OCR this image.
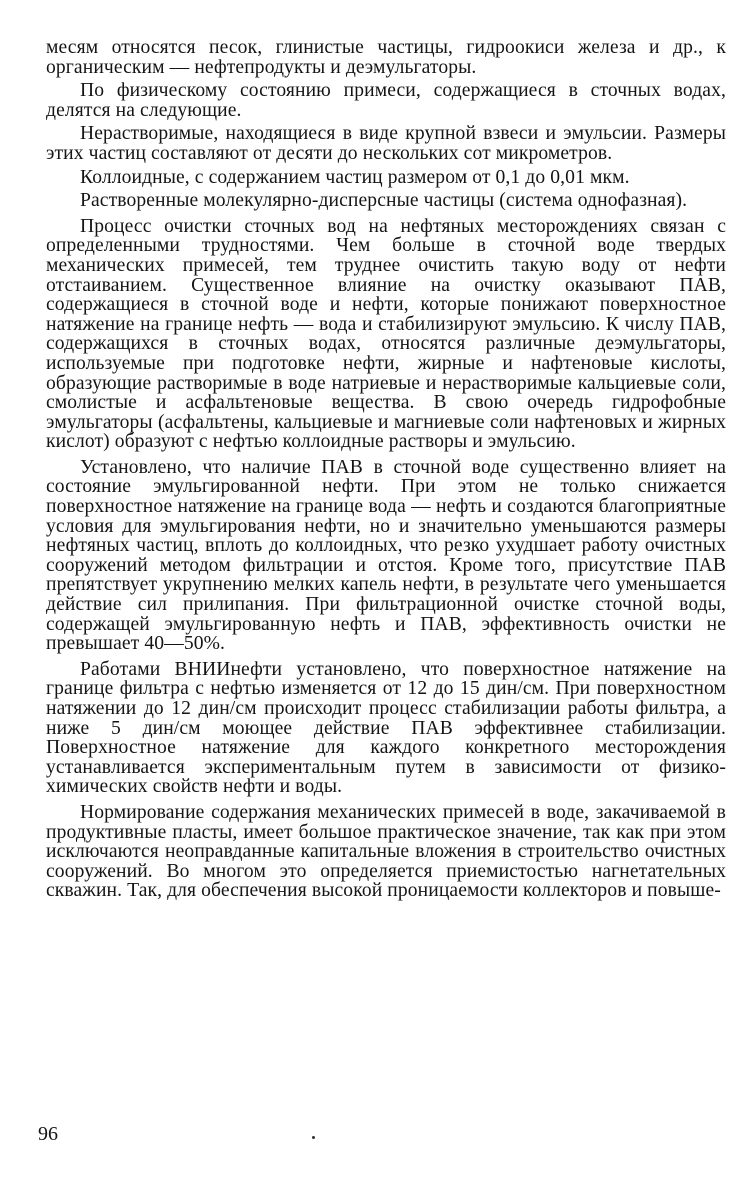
месям относятся песок, глинистые частицы, гидроокиси железа и др., к органическим — нефтепродукты и деэмульгаторы.

По физическому состоянию примеси, содержащиеся в сточных водах, делятся на следующие.

Нерастворимые, находящиеся в виде крупной взвеси и эмульсии. Размеры этих частиц составляют от десяти до нескольких сот микрометров.

Коллоидные, с содержанием частиц размером от 0,1 до 0,01 мкм.

Растворенные молекулярно-дисперсные частицы (система однофазная).

Процесс очистки сточных вод на нефтяных месторождениях связан с определенными трудностями. Чем больше в сточной воде твердых механических примесей, тем труднее очистить такую воду от нефти отстаиванием. Существенное влияние на очистку оказывают ПАВ, содержащиеся в сточной воде и нефти, которые понижают поверхностное натяжение на границе нефть — вода и стабилизируют эмульсию. К числу ПАВ, содержащихся в сточных водах, относятся различные деэмульгаторы, используемые при подготовке нефти, жирные и нафтеновые кислоты, образующие растворимые в воде натриевые и нерастворимые кальциевые соли, смолистые и асфальтеновые вещества. В свою очередь гидрофобные эмульгаторы (асфальтены, кальциевые и магниевые соли нафтеновых и жирных кислот) образуют с нефтью коллоидные растворы и эмульсию.

Установлено, что наличие ПАВ в сточной воде существенно влияет на состояние эмульгированной нефти. При этом не только снижается поверхностное натяжение на границе вода — нефть и создаются благоприятные условия для эмульгирования нефти, но и значительно уменьшаются размеры нефтяных частиц, вплоть до коллоидных, что резко ухудшает работу очистных сооружений методом фильтрации и отстоя. Кроме того, присутствие ПАВ препятствует укрупнению мелких капель нефти, в результате чего уменьшается действие сил прилипания. При фильтрационной очистке сточной воды, содержащей эмульгированную нефть и ПАВ, эффективность очистки не превышает 40—50%.

Работами ВНИИнефти установлено, что поверхностное натяжение на границе фильтра с нефтью изменяется от 12 до 15 дин/см. При поверхностном натяжении до 12 дин/см происходит процесс стабилизации работы фильтра, а ниже 5 дин/см моющее действие ПАВ эффективнее стабилизации. Поверхностное натяжение для каждого конкретного месторождения устанавливается экспериментальным путем в зависимости от физико-химических свойств нефти и воды.

Нормирование содержания механических примесей в воде, закачиваемой в продуктивные пласты, имеет большое практическое значение, так как при этом исключаются неоправданные капитальные вложения в строительство очистных сооружений. Во многом это определяется приемистостью нагнетательных скважин. Так, для обеспечения высокой проницаемости коллекторов и повыше-

96
